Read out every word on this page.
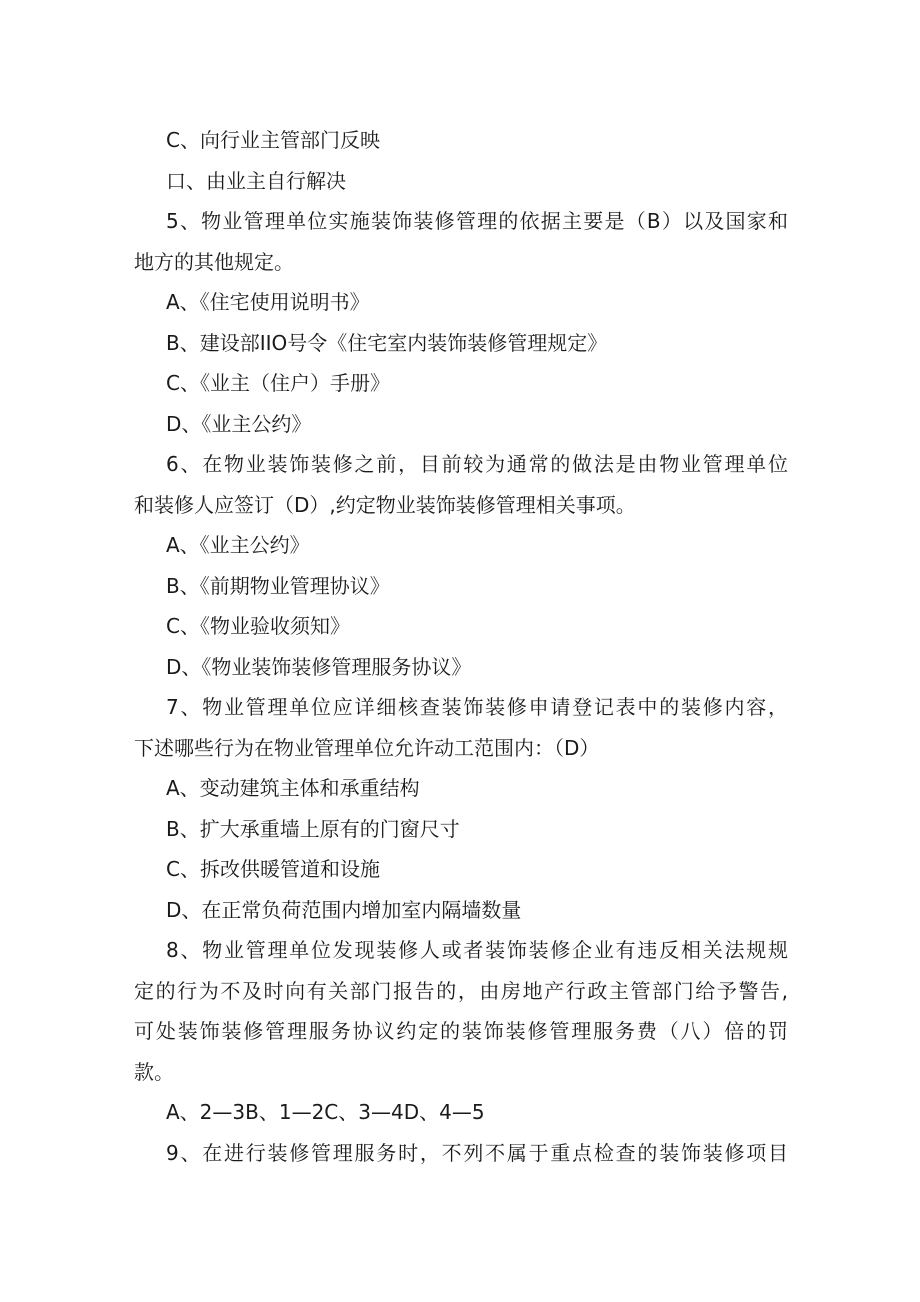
C、向行业主管部门反映
口、由业主自行解决
5、物业管理单位实施装饰装修管理的依据主要是（B）以及国家和
地方的其他规定。
A、《住宅使用说明书》
B、建设部IIO号令《住宅室内装饰装修管理规定》
C、《业主（住户）手册》
D、《业主公约》
6、在物业装饰装修之前，目前较为通常的做法是由物业管理单位
和装修人应签订（D）,约定物业装饰装修管理相关事项。
A、《业主公约》
B、《前期物业管理协议》
C、《物业验收须知》
D、《物业装饰装修管理服务协议》
7、物业管理单位应详细核查装饰装修申请登记表中的装修内容，
下述哪些行为在物业管理单位允许动工范围内：（D）
A、变动建筑主体和承重结构
B、扩大承重墙上原有的门窗尺寸
C、拆改供暖管道和设施
D、在正常负荷范围内增加室内隔墙数量
8、物业管理单位发现装修人或者装饰装修企业有违反相关法规规
定的行为不及时向有关部门报告的，由房地产行政主管部门给予警告,
可处装饰装修管理服务协议约定的装饰装修管理服务费（八）倍的罚
款。
A、2—3B、1—2C、3—4D、4—5
9、在进行装修管理服务时，不列不属于重点检查的装饰装修项目
